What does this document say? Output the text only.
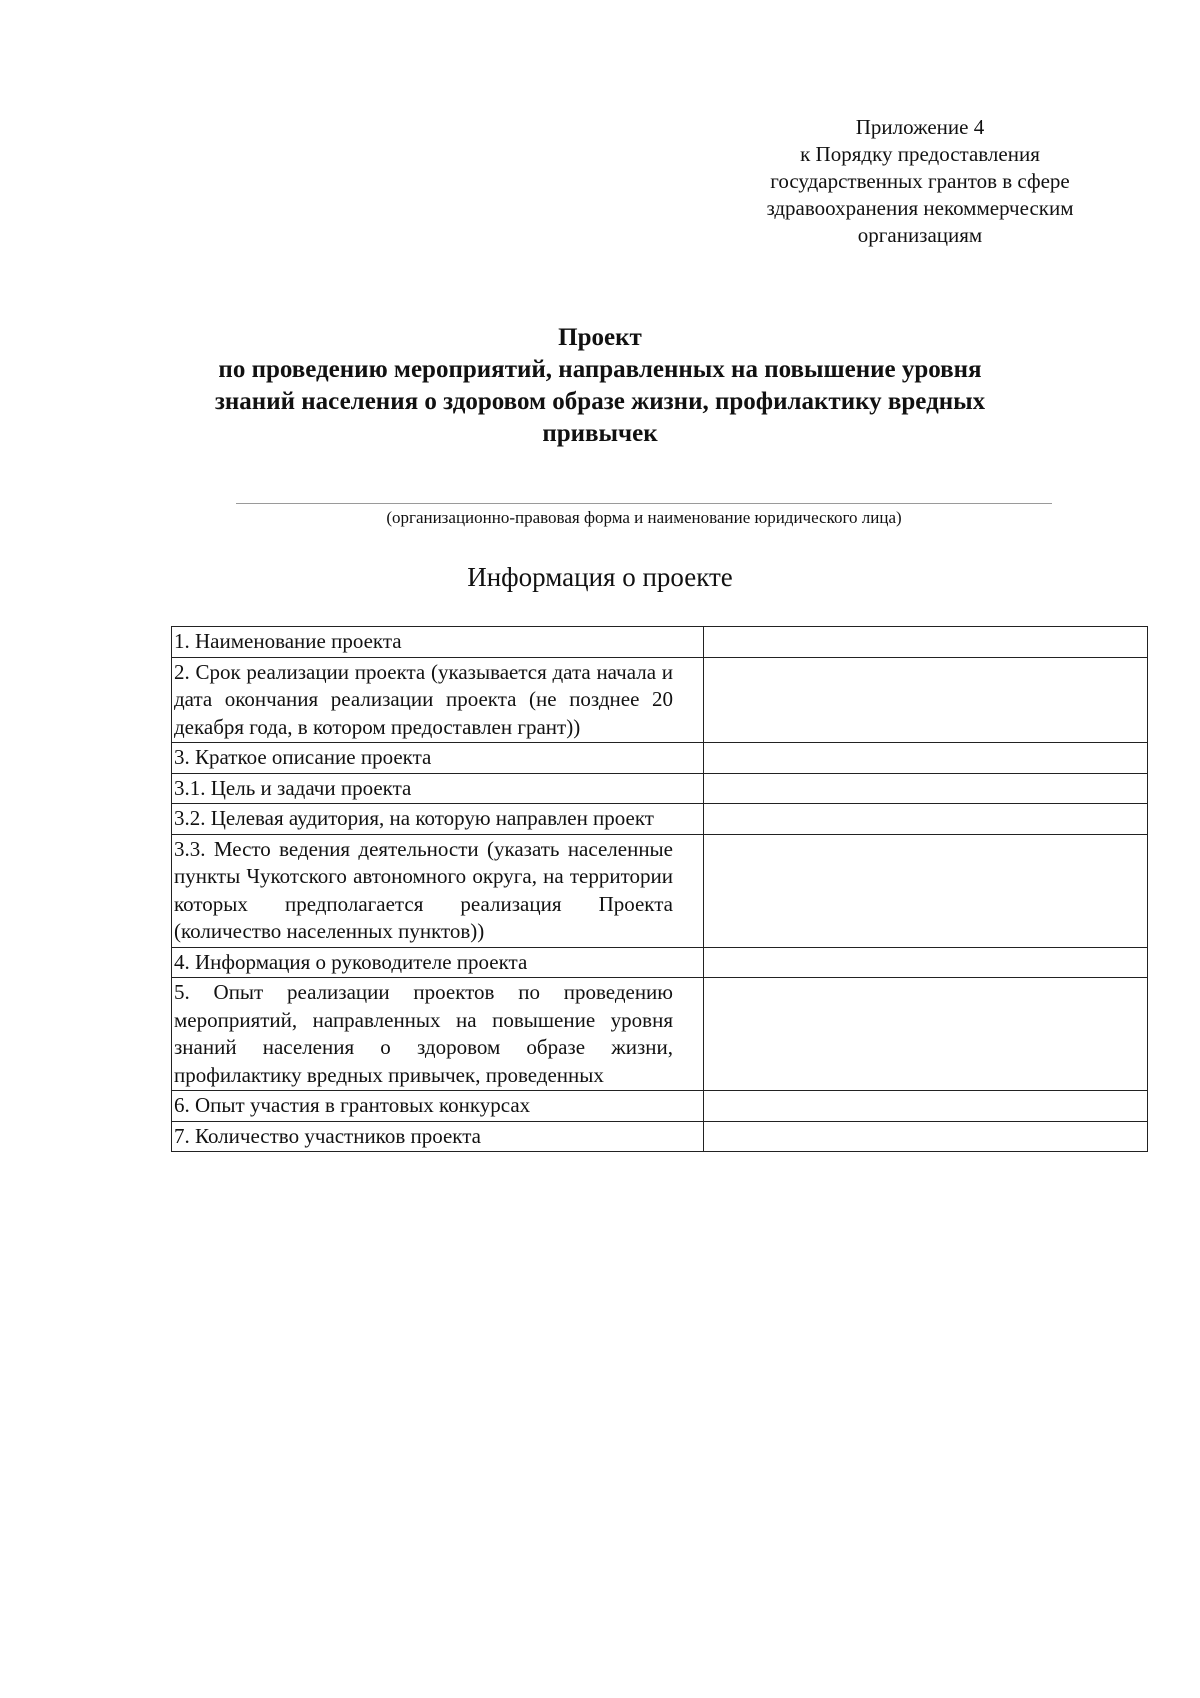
Приложение 4
к Порядку предоставления
государственных грантов в сфере
здравоохранения некоммерческим
организациям
Проект
по проведению мероприятий, направленных на повышение уровня
знаний населения о здоровом образе жизни, профилактику вредных
привычек
(организационно-правовая форма и наименование юридического лица)
Информация о проекте
1. Наименование проекта	
2. Срок реализации проекта (указывается дата начала и дата окончания реализации проекта (не позднее 20 декабря года, в котором предоставлен грант))	
3. Краткое описание проекта	
3.1. Цель и задачи проекта	
3.2. Целевая аудитория, на которую направлен проект	
3.3. Место ведения деятельности (указать населенные пункты Чукотского автономного округа, на территории которых предполагается реализация Проекта (количество населенных пунктов))	
4. Информация о руководителе проекта	
5. Опыт реализации проектов по проведению мероприятий, направленных на повышение уровня знаний населения о здоровом образе жизни, профилактику вредных привычек, проведенных	
6. Опыт участия в грантовых конкурсах	
7. Количество участников проекта	
